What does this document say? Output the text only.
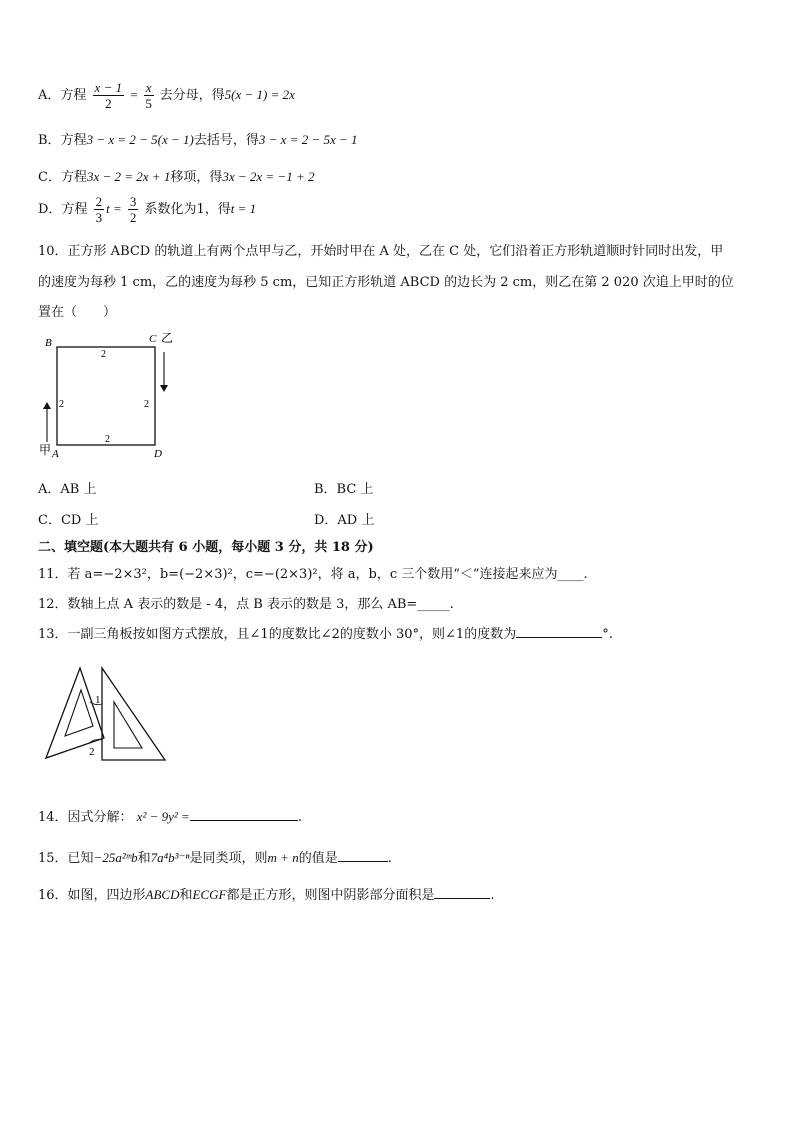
A．方程 $\frac{x - 1}{2} = \frac{x}{5}$ 去分母，得5(x − 1) = 2x
B．方程3 − x = 2 − 5(x − 1)去括号，得3 − x = 2 − 5x − 1
C．方程3x − 2 = 2x + 1移项，得3x − 2x = −1 + 2
D．方程 $\frac{2}{3}$ $t = \frac{3}{2}$ 系数化为1，得t = 1
10．正方形 ABCD 的轨道上有两个点甲与乙，开始时甲在 A 处，乙在 C 处，它们沿着正方形轨道顺时针同时出发，甲
的速度为每秒 1 cm，乙的速度为每秒 5 cm，已知正方形轨道 ABCD 的边长为 2 cm，则乙在第 2 020 次追上甲时的位
置在（　　）
B	C 乙
D
A
甲
2
2
2	2
A．AB 上	B．BC 上
C．CD 上	D．AD 上
二、填空题(本大题共有 6 小题，每小题 3 分，共 18 分)
11．若 a=−2×3²，b=(−2×3)²，c=−(2×3)²，将 a，b，c 三个数用“＜”连接起来应为____.
12．数轴上点 A 表示的数是 - 4，点 B 表示的数是 3，那么 AB=_____.
13．一副三角板按如图方式摆放，且∠1的度数比∠2的度数小 30°，则∠1的度数为	°.
1
2
14．因式分解： x² − 9y² =	.
15．已知−25a²ᵐb和7a⁴b³⁻ⁿ是同类项，则m + n的值是	.
16．如图，四边形ABCD和ECGF都是正方形，则图中阴影部分面积是	.
